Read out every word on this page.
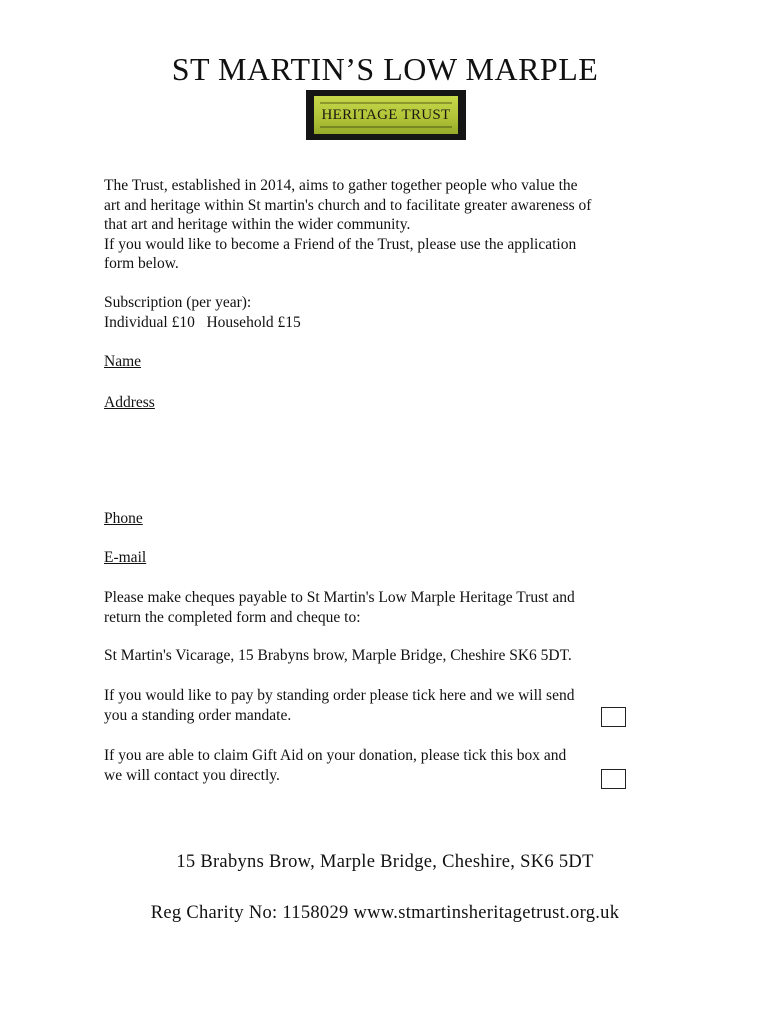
ST MARTIN’S LOW MARPLE
HERITAGE TRUST
The Trust, established in 2014, aims to gather together people who value the
art and heritage within St martin's church and to facilitate greater awareness of
that art and heritage within the wider community.
If you would like to become a Friend of the Trust, please use the application
form below.
Subscription (per year):
Individual £10   Household £15
Name
Address
Phone
E-mail
Please make cheques payable to St Martin's Low Marple Heritage Trust and
return the completed form and cheque to:
St Martin's Vicarage, 15 Brabyns brow, Marple Bridge, Cheshire SK6 5DT.
If you would like to pay by standing order please tick here and we will send
you a standing order mandate.
If you are able to claim Gift Aid on your donation, please tick this box and
we will contact you directly.
15 Brabyns Brow, Marple Bridge, Cheshire, SK6 5DT
Reg Charity No: 1158029 www.stmartinsheritagetrust.org.uk
